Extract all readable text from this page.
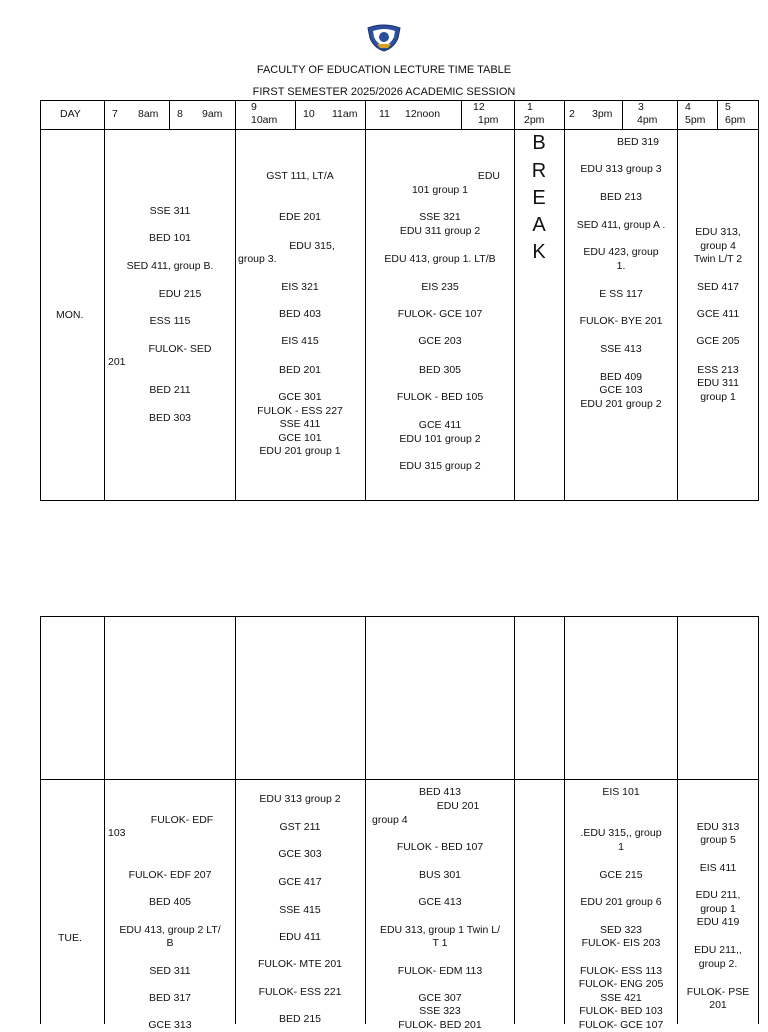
FACULTY OF EDUCATION LECTURE TIME TABLE
FIRST SEMESTER 2025/2026 ACADEMIC SESSION
DAY	7 8am 8 9am
9
10am 10 11am 11 12noon
12
1pm
1
2pm 2 3pm
3
4pm
4
5pm
5
6pm
B
R
E
A
K
MON.
SSE 311
BED 101
SED 411, group B.
EDU 215
ESS 115
FULOK- SED
201
BED 211
BED 303
GST 111, LT/A
EDE 201
EDU 315,
group 3.
EIS 321
BED 403
EIS 415
BED 201
GCE 301
FULOK - ESS 227
SSE 411
GCE 101
EDU 201 group 1
EDU
101 group 1
SSE 321
EDU 311 group 2
EDU 413, group 1. LT/B
EIS 235
FULOK- GCE 107
GCE 203
BED 305
FULOK - BED 105
GCE 411
EDU 101 group 2
EDU 315 group 2
BED 319
EDU 313 group 3
BED 213
SED 411, group A .
EDU 423, group
1.
E SS 117
FULOK- BYE 201
SSE 413
BED 409
GCE 103
EDU 201 group 2
EDU 313,
group 4
Twin L/T 2
SED 417
GCE 411
GCE 205
ESS 213
EDU 311
group 1
TUE.
FULOK- EDF
103
FULOK- EDF 207
BED 405
EDU 413, group 2 LT/
B
SED 311
BED 317
GCE 313
EDU 313 group 2
GST 211
GCE 303
GCE 417
SSE 415
EDU 411
FULOK- MTE 201
FULOK- ESS 221
BED 215
BED 413
EDU 201
group 4
FULOK - BED 107
BUS 301
GCE 413
EDU 313, group 1 Twin L/
T 1
FULOK- EDM 113
GCE 307
SSE 323
FULOK- BED 201
EIS 101
.EDU 315,, group
1
GCE 215
EDU 201 group 6
SED 323
FULOK- EIS 203
FULOK- ESS 113
FULOK- ENG 205
SSE 421
FULOK- BED 103
FULOK- GCE 107
EDU 313
group 5
EIS 411
EDU 211,
group 1
EDU 419
EDU 211,,
group 2.
FULOK- PSE
201
